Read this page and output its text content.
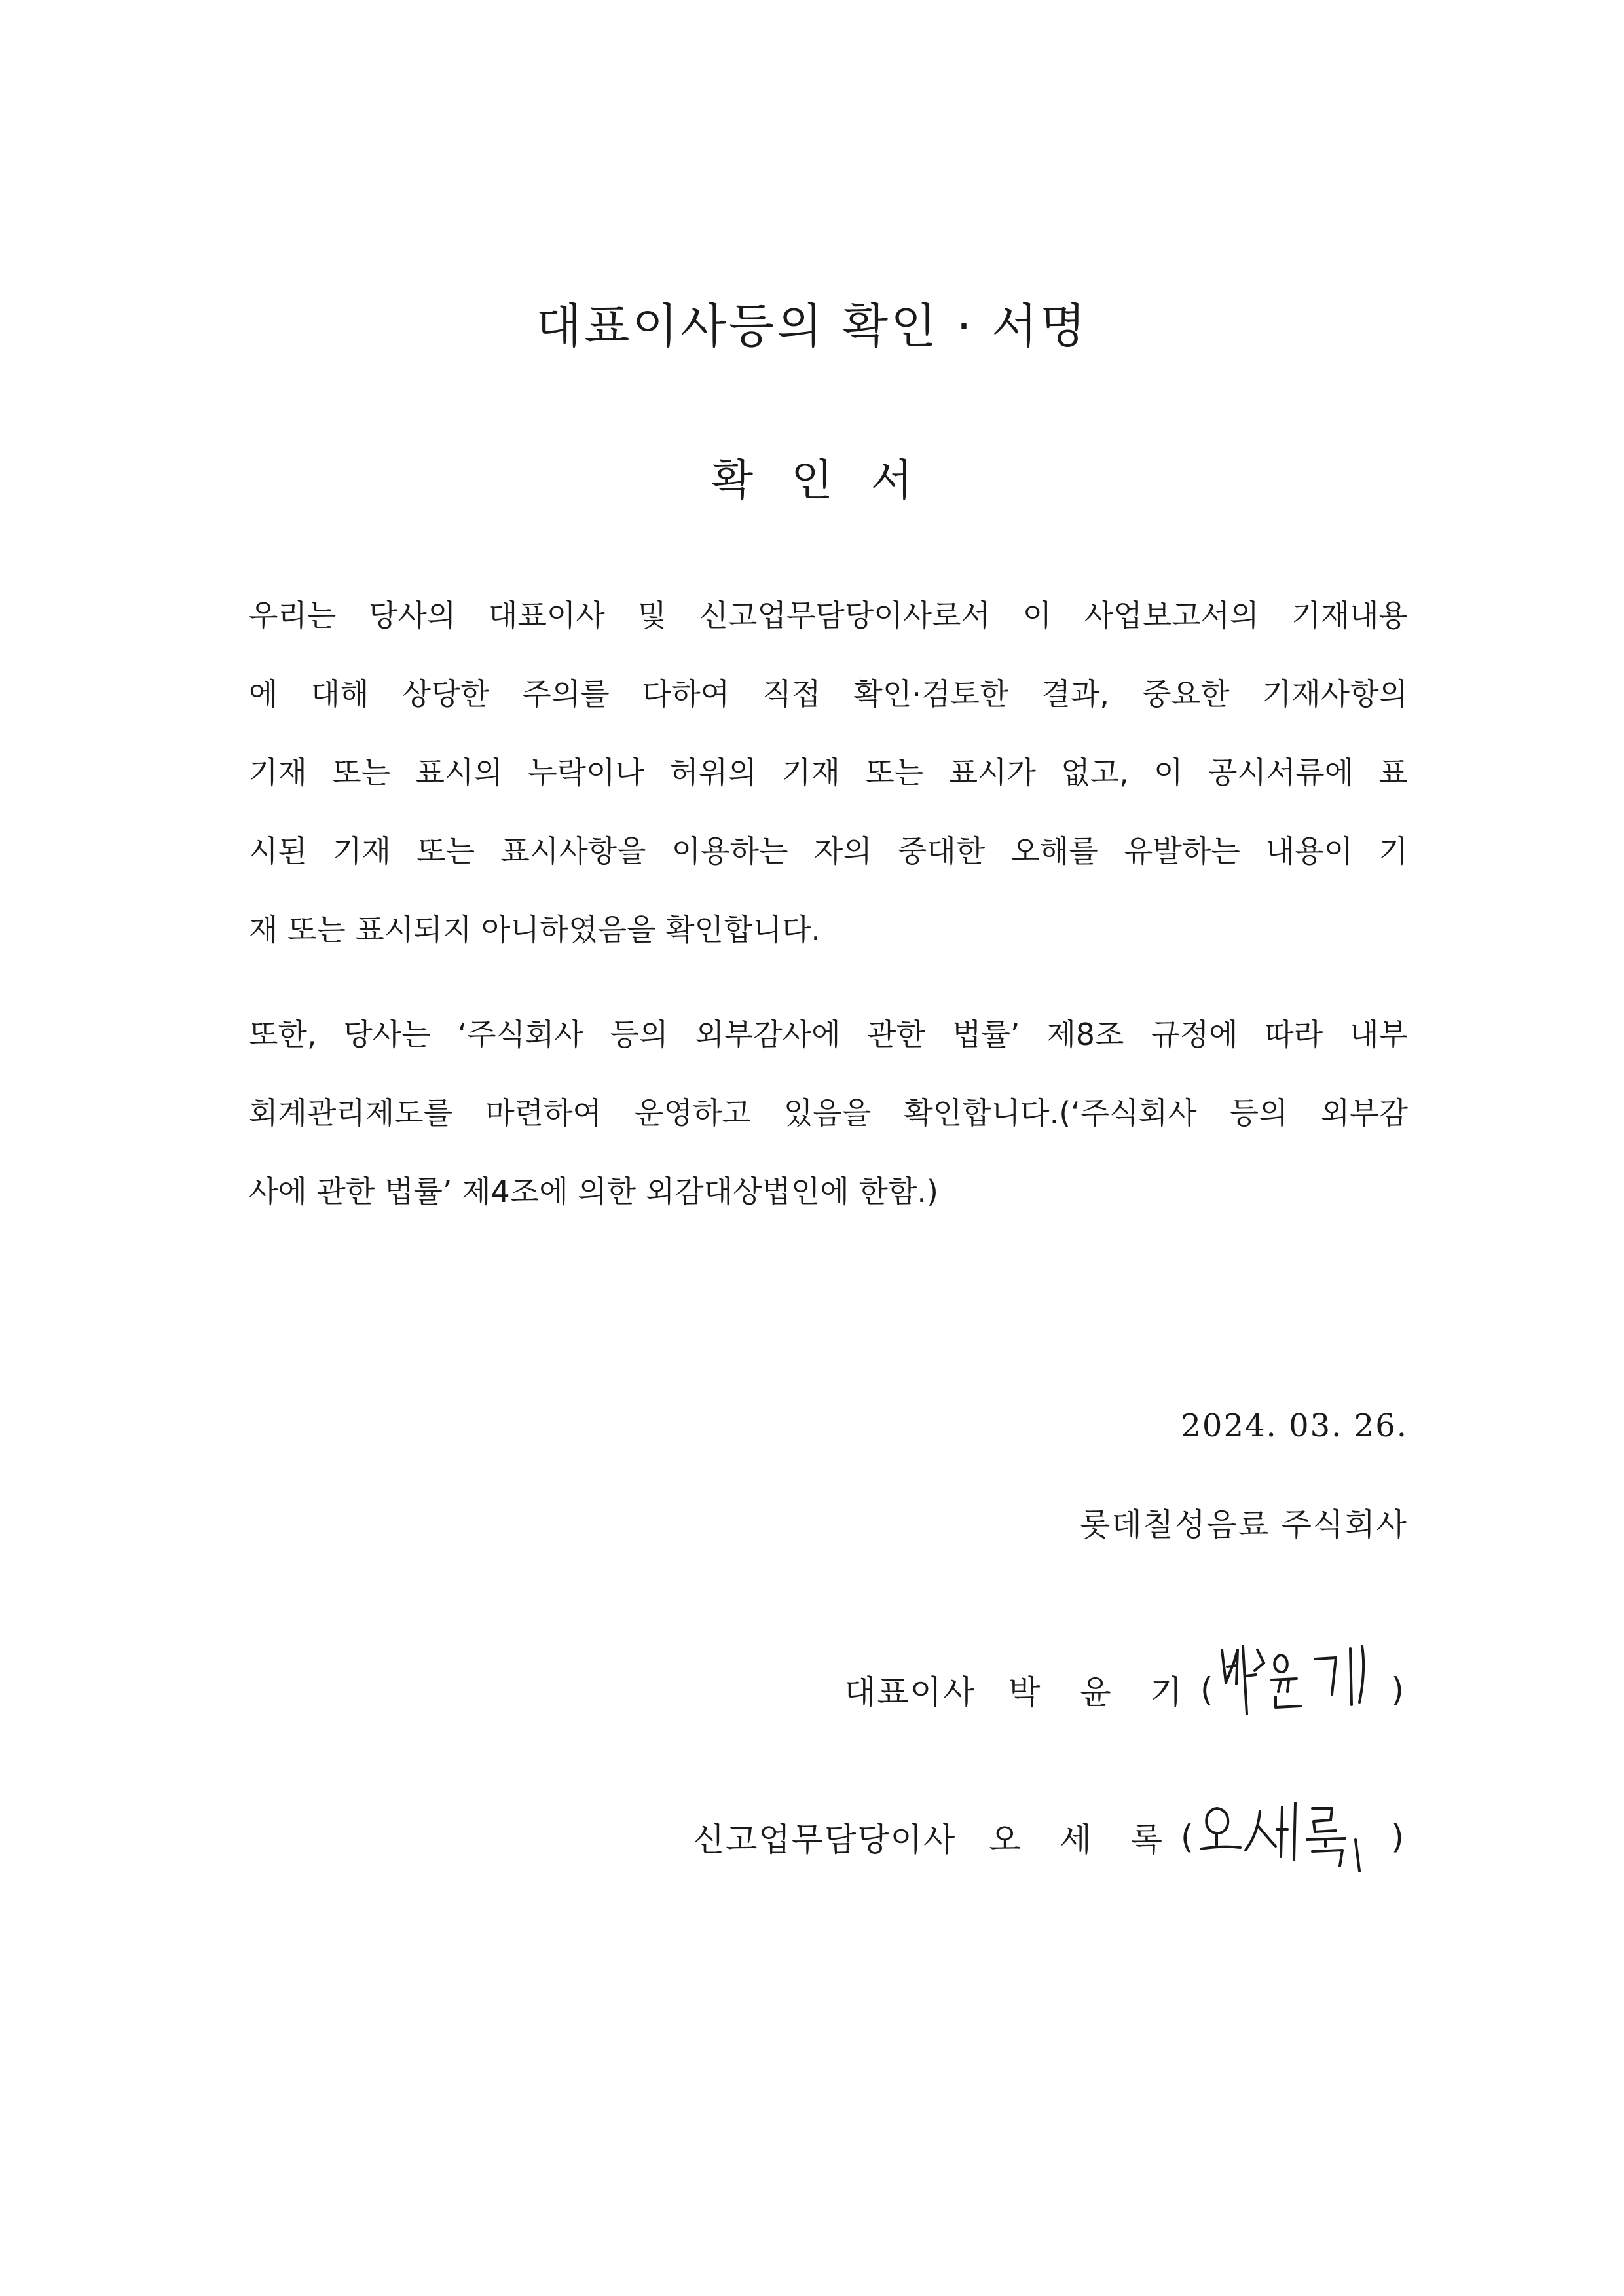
대표이사등의 확인 · 서명
확인서
우리는 당사의 대표이사 및 신고업무담당이사로서 이 사업보고서의 기재내용
에 대해 상당한 주의를 다하여 직접 확인·검토한 결과, 중요한 기재사항의
기재 또는 표시의 누락이나 허위의 기재 또는 표시가 없고, 이 공시서류에 표
시된 기재 또는 표시사항을 이용하는 자의 중대한 오해를 유발하는 내용이 기
재 또는 표시되지 아니하였음을 확인합니다.
또한, 당사는 ‘주식회사 등의 외부감사에 관한 법률’ 제8조 규정에 따라 내부
회계관리제도를 마련하여 운영하고 있음을 확인합니다.(‘주식회사 등의 외부감
사에 관한 법률’ 제4조에 의한 외감대상법인에 한함.)
2024. 03. 26.
롯데칠성음료 주식회사
대표이사 박 윤 기 (	)
신고업무담당이사 오 세 록 (	)
